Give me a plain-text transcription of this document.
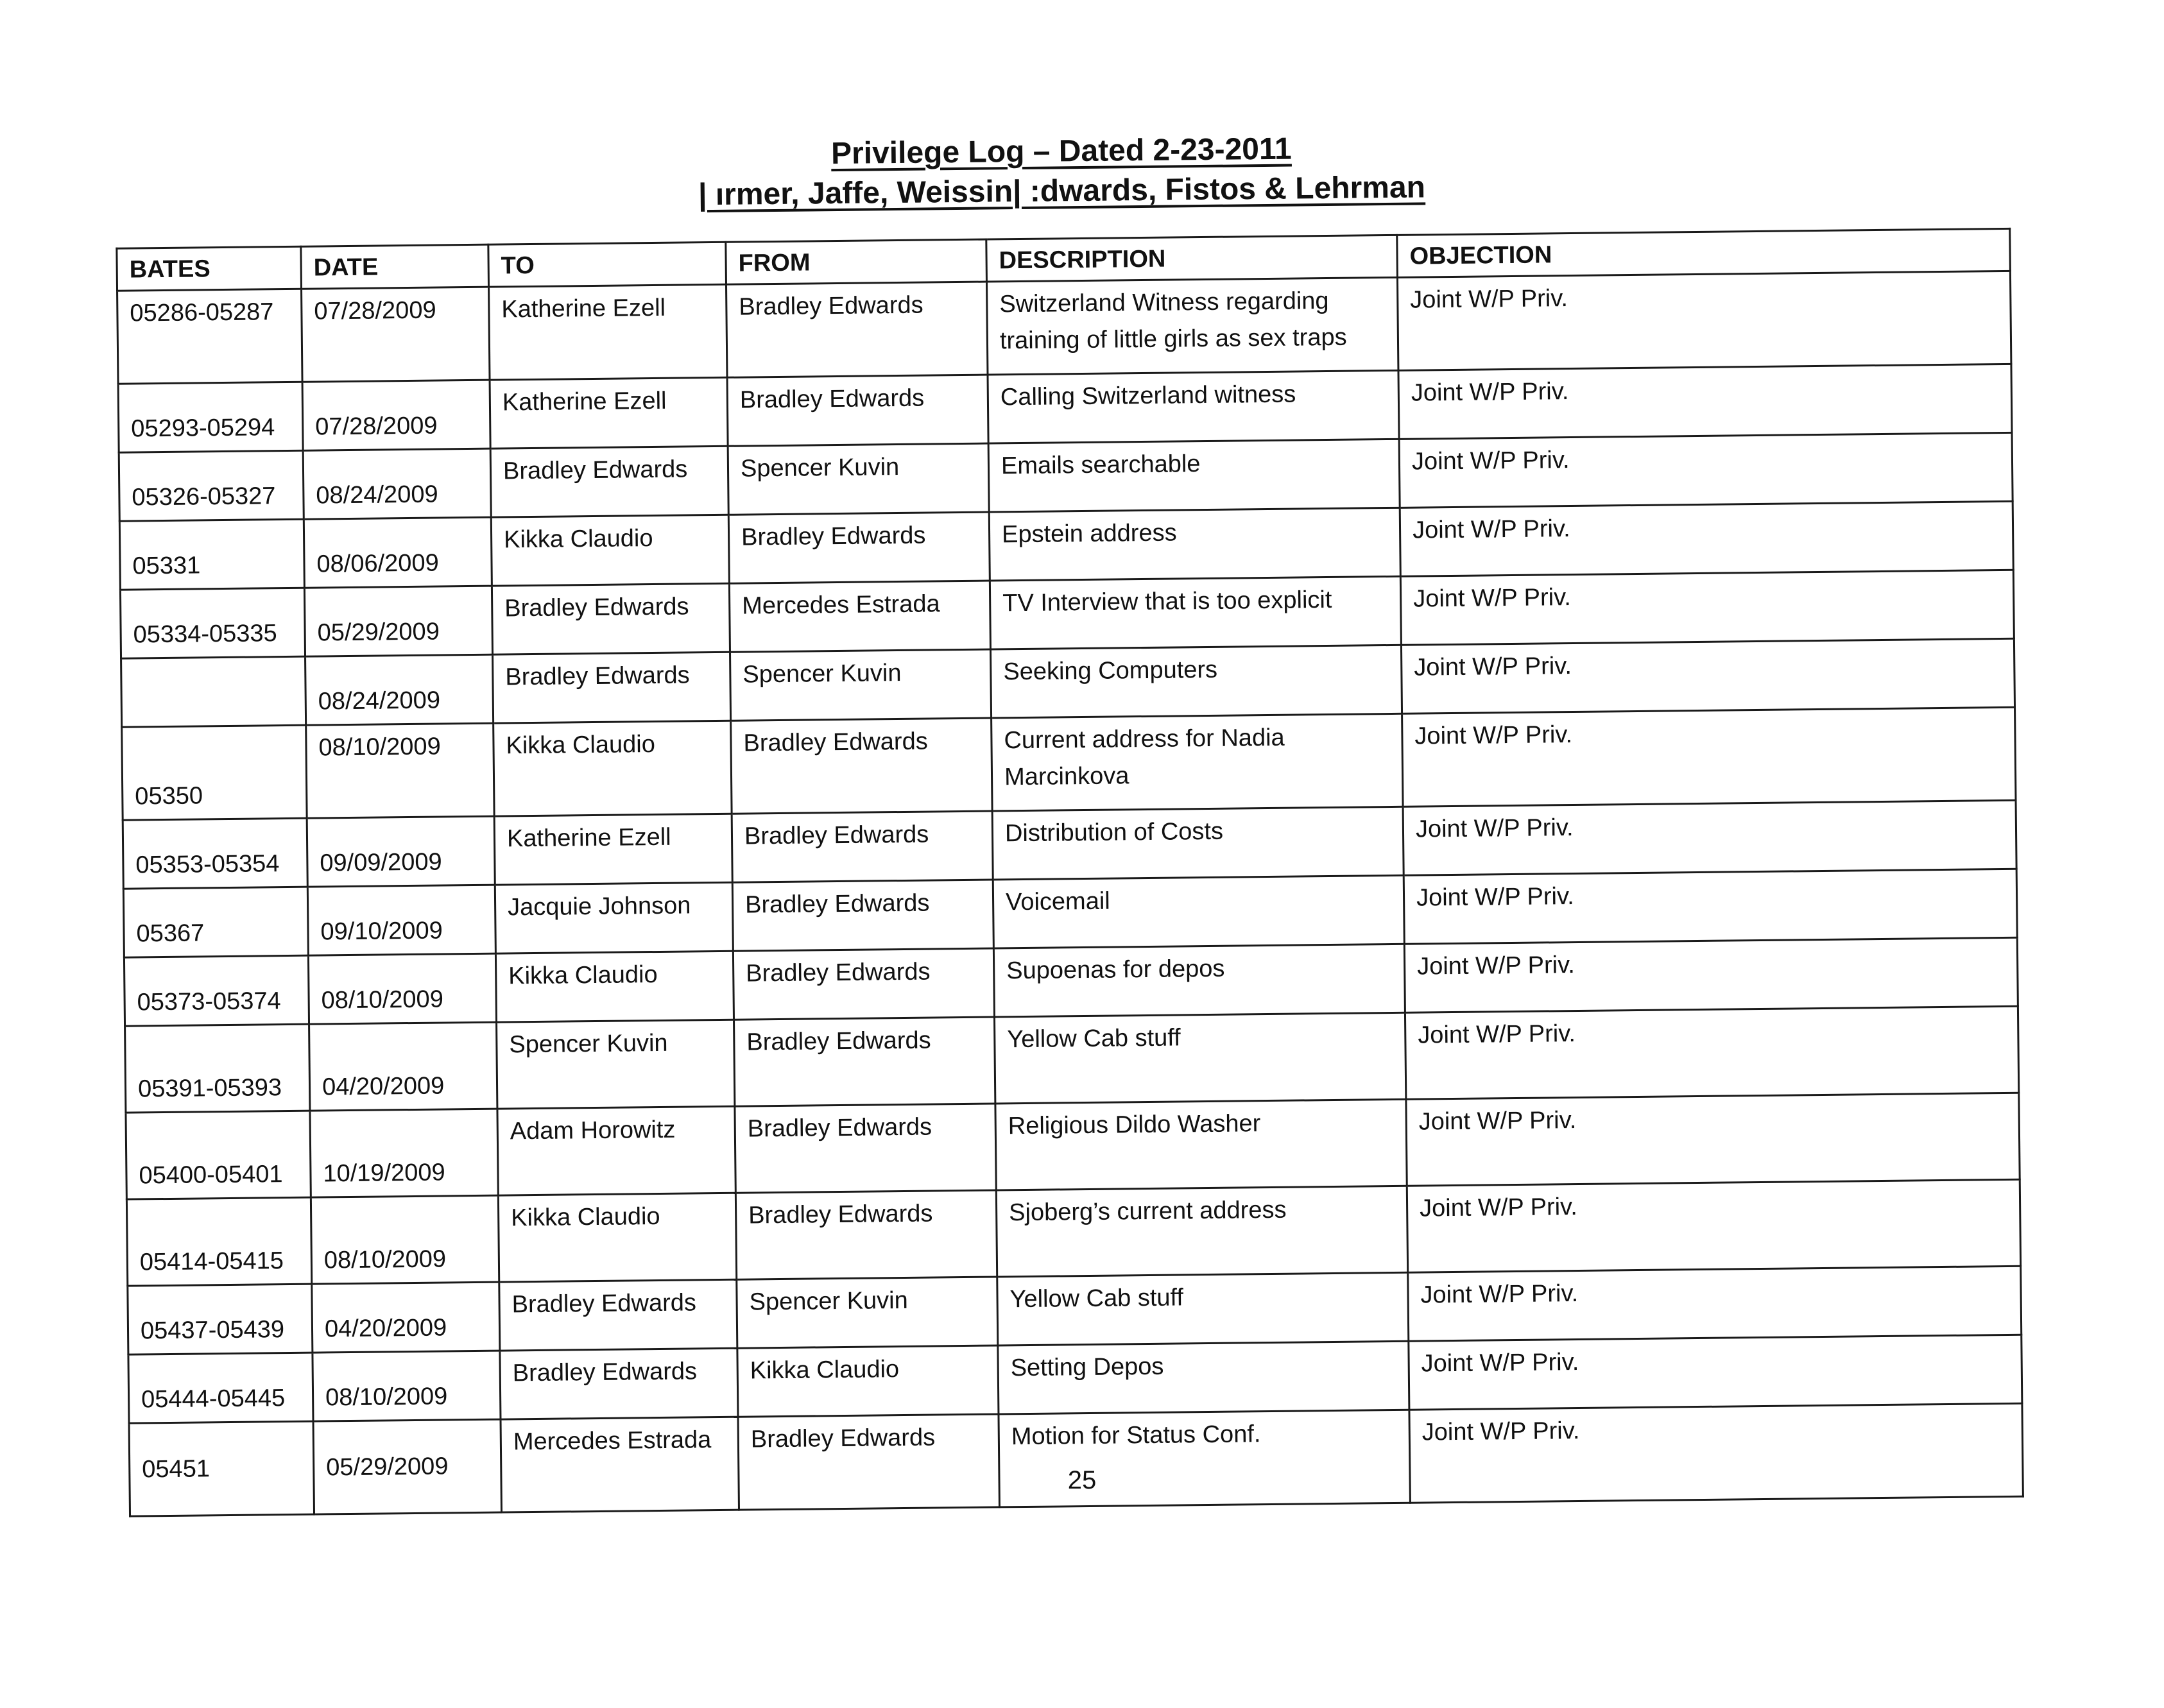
Privilege Log – Dated 2-23-2011
| ırmer, Jaffe, Weissin| :dwards, Fistos & Lehrman
BATES	DATE	TO	FROM	DESCRIPTION	OBJECTION
05286-05287	07/28/2009	Katherine Ezell	Bradley Edwards	Switzerland Witness regarding training of little girls as sex traps	Joint W/P Priv.
05293-05294	07/28/2009	Katherine Ezell	Bradley Edwards	Calling Switzerland witness	Joint W/P Priv.
05326-05327	08/24/2009	Bradley Edwards	Spencer Kuvin	Emails searchable	Joint W/P Priv.
05331	08/06/2009	Kikka Claudio	Bradley Edwards	Epstein address	Joint W/P Priv.
05334-05335	05/29/2009	Bradley Edwards	Mercedes Estrada	TV Interview that is too explicit	Joint W/P Priv.
	08/24/2009	Bradley Edwards	Spencer Kuvin	Seeking Computers	Joint W/P Priv.
05350	08/10/2009	Kikka Claudio	Bradley Edwards	Current address for Nadia Marcinkova	Joint W/P Priv.
05353-05354	09/09/2009	Katherine Ezell	Bradley Edwards	Distribution of Costs	Joint W/P Priv.
05367	09/10/2009	Jacquie Johnson	Bradley Edwards	Voicemail	Joint W/P Priv.
05373-05374	08/10/2009	Kikka Claudio	Bradley Edwards	Supoenas for depos	Joint W/P Priv.
05391-05393	04/20/2009	Spencer Kuvin	Bradley Edwards	Yellow Cab stuff	Joint W/P Priv.
05400-05401	10/19/2009	Adam Horowitz	Bradley Edwards	Religious Dildo Washer	Joint W/P Priv.
05414-05415	08/10/2009	Kikka Claudio	Bradley Edwards	Sjoberg’s current address	Joint W/P Priv.
05437-05439	04/20/2009	Bradley Edwards	Spencer Kuvin	Yellow Cab stuff	Joint W/P Priv.
05444-05445	08/10/2009	Bradley Edwards	Kikka Claudio	Setting Depos	Joint W/P Priv.
05451	05/29/2009	Mercedes Estrada	Bradley Edwards	Motion for Status Conf.	Joint W/P Priv.
25
